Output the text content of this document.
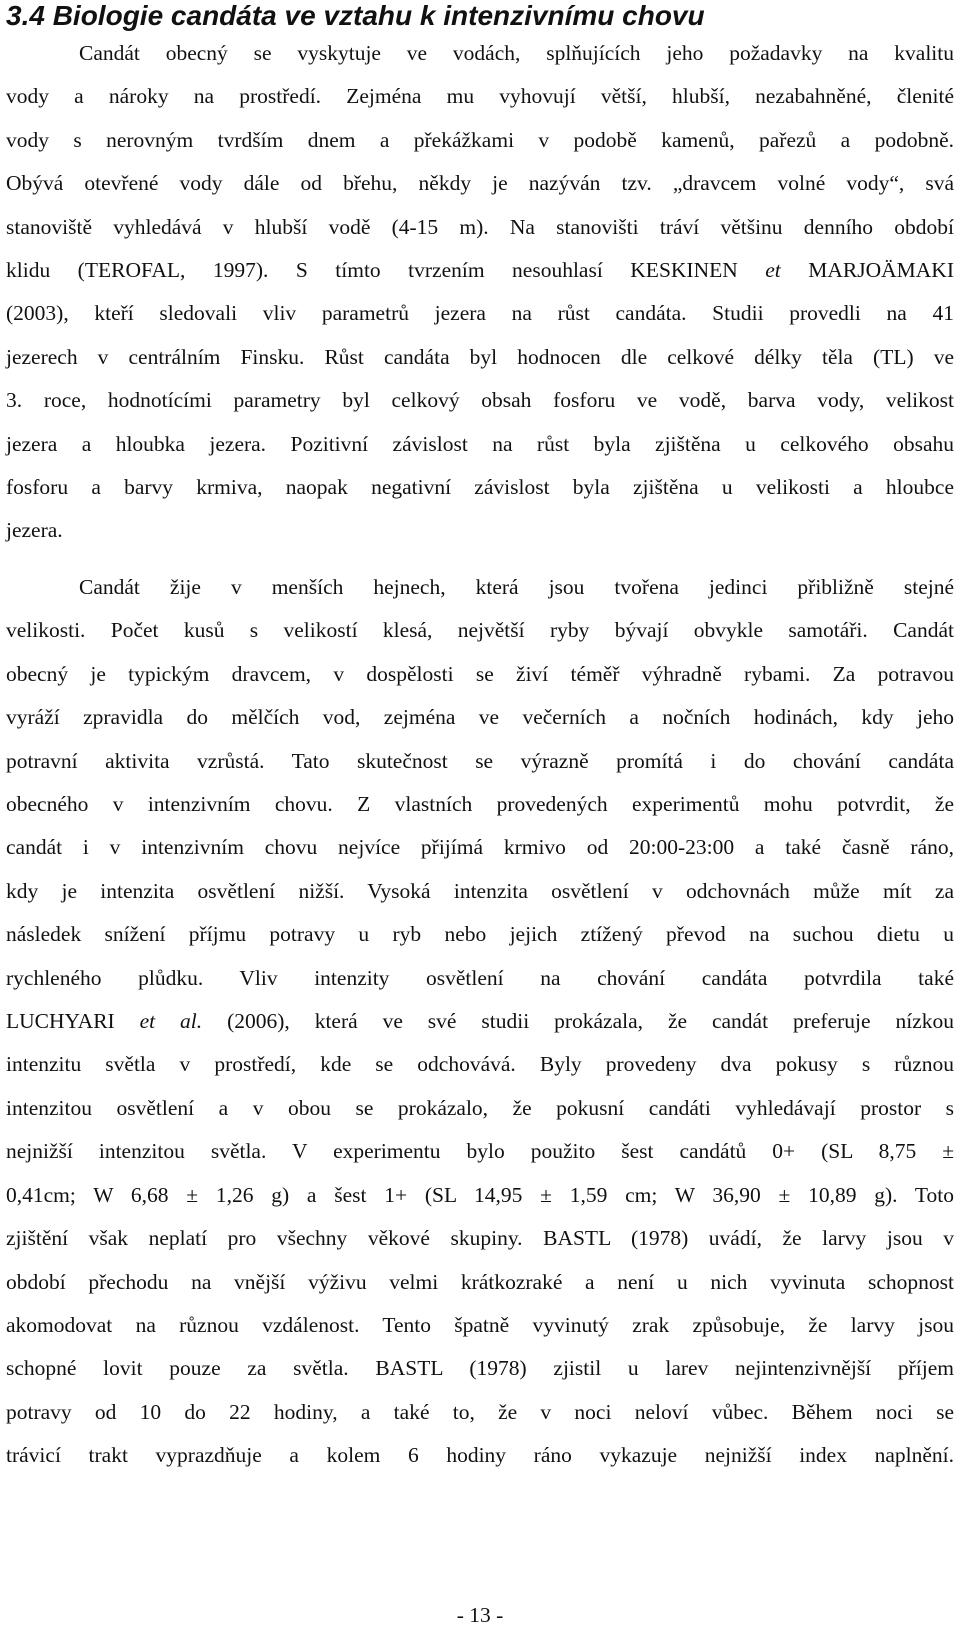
3.4 Biologie candáta ve vztahu k intenzivnímu chovu
Candát obecný se vyskytuje ve vodách, splňujících jeho požadavky na kvalitu
vody a nároky na prostředí. Zejména mu vyhovují větší, hlubší, nezabahněné, členité
vody s nerovným tvrdším dnem a překážkami v podobě kamenů, pařezů a podobně.
Obývá otevřené vody dále od břehu, někdy je nazýván tzv. „dravcem volné vody“, svá
stanoviště vyhledává v hlubší vodě (4-15 m). Na stanovišti tráví většinu denního období
klidu (TEROFAL, 1997). S tímto tvrzením nesouhlasí KESKINEN et MARJOÄMAKI
(2003), kteří sledovali vliv parametrů jezera na růst candáta. Studii provedli na 41
jezerech v centrálním Finsku. Růst candáta byl hodnocen dle celkové délky těla (TL) ve
3. roce, hodnotícími parametry byl celkový obsah fosforu ve vodě, barva vody, velikost
jezera a hloubka jezera. Pozitivní závislost na růst byla zjištěna u celkového obsahu
fosforu a barvy krmiva, naopak negativní závislost byla zjištěna u velikosti a hloubce
jezera.
Candát žije v menších hejnech, která jsou tvořena jedinci přibližně stejné
velikosti. Počet kusů s velikostí klesá, největší ryby bývají obvykle samotáři. Candát
obecný je typickým dravcem, v dospělosti se živí téměř výhradně rybami. Za potravou
vyráží zpravidla do mělčích vod, zejména ve večerních a nočních hodinách, kdy jeho
potravní aktivita vzrůstá. Tato skutečnost se výrazně promítá i do chování candáta
obecného v intenzivním chovu. Z vlastních provedených experimentů mohu potvrdit, že
candát i v intenzivním chovu nejvíce přijímá krmivo od 20:00-23:00 a také časně ráno,
kdy je intenzita osvětlení nižší. Vysoká intenzita osvětlení v odchovnách může mít za
následek snížení příjmu potravy u ryb nebo jejich ztížený převod na suchou dietu u
rychleného plůdku. Vliv intenzity osvětlení na chování candáta potvrdila také
LUCHYARI et al. (2006), která ve své studii prokázala, že candát preferuje nízkou
intenzitu světla v prostředí, kde se odchovává. Byly provedeny dva pokusy s různou
intenzitou osvětlení a v obou se prokázalo, že pokusní candáti vyhledávají prostor s
nejnižší intenzitou světla. V experimentu bylo použito šest candátů 0+ (SL 8,75 ±
0,41cm; W 6,68 ± 1,26 g) a šest 1+ (SL 14,95 ± 1,59 cm; W 36,90 ± 10,89 g). Toto
zjištění však neplatí pro všechny věkové skupiny. BASTL (1978) uvádí, že larvy jsou v
období přechodu na vnější výživu velmi krátkozraké a není u nich vyvinuta schopnost
akomodovat na různou vzdálenost. Tento špatně vyvinutý zrak způsobuje, že larvy jsou
schopné lovit pouze za světla. BASTL (1978) zjistil u larev nejintenzivnější příjem
potravy od 10 do 22 hodiny, a také to, že v noci neloví vůbec. Během noci se
trávicí trakt vyprazdňuje a kolem 6 hodiny ráno vykazuje nejnižší index naplnění.
- 13 -
